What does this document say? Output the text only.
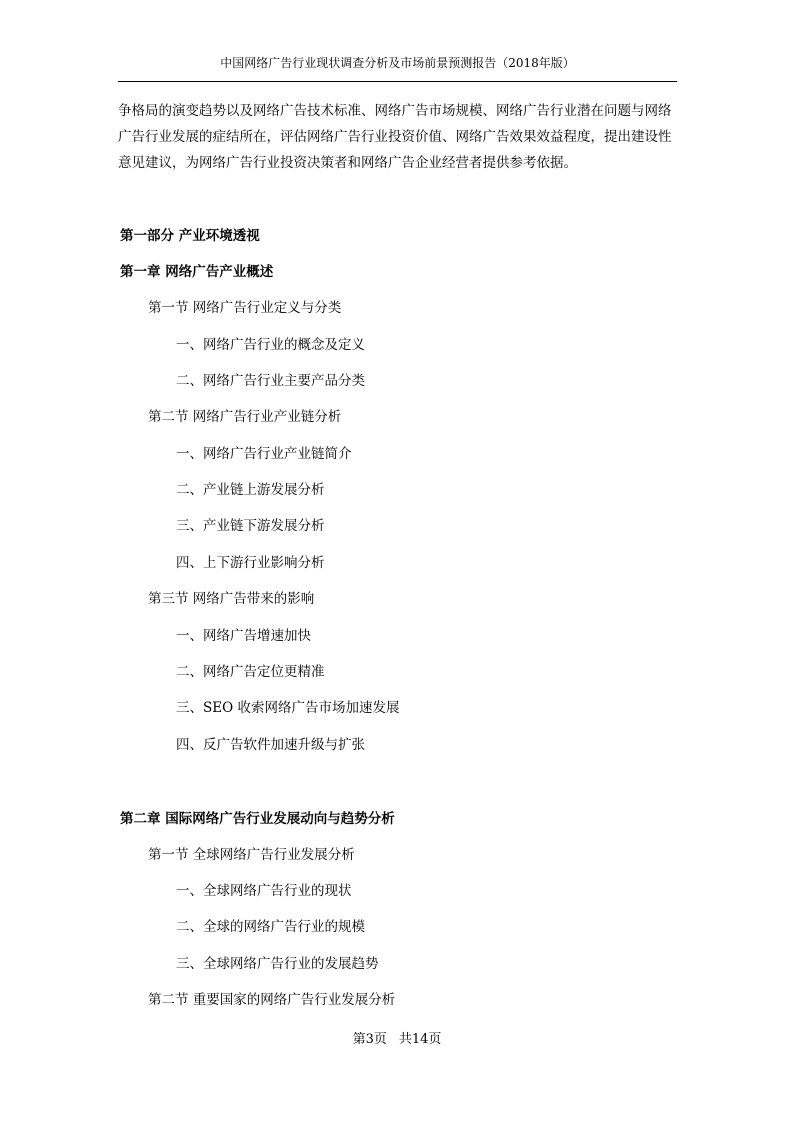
中国网络广告行业现状调查分析及市场前景预测报告（2018年版）

争格局的演变趋势以及网络广告技术标准、网络广告市场规模、网络广告行业潜在问题与网络广告行业发展的症结所在，评估网络广告行业投资价值、网络广告效果效益程度，提出建设性意见建议，为网络广告行业投资决策者和网络广告企业经营者提供参考依据。

第一部分 产业环境透视
第一章 网络广告产业概述
第一节 网络广告行业定义与分类
一、网络广告行业的概念及定义
二、网络广告行业主要产品分类
第二节 网络广告行业产业链分析
一、网络广告行业产业链简介
二、产业链上游发展分析
三、产业链下游发展分析
四、上下游行业影响分析
第三节 网络广告带来的影响
一、网络广告增速加快
二、网络广告定位更精准
三、SEO 收索网络广告市场加速发展
四、反广告软件加速升级与扩张
第二章 国际网络广告行业发展动向与趋势分析
第一节 全球网络广告行业发展分析
一、全球网络广告行业的现状
二、全球的网络广告行业的规模
三、全球网络广告行业的发展趋势
第二节 重要国家的网络广告行业发展分析
第3页 共14页
